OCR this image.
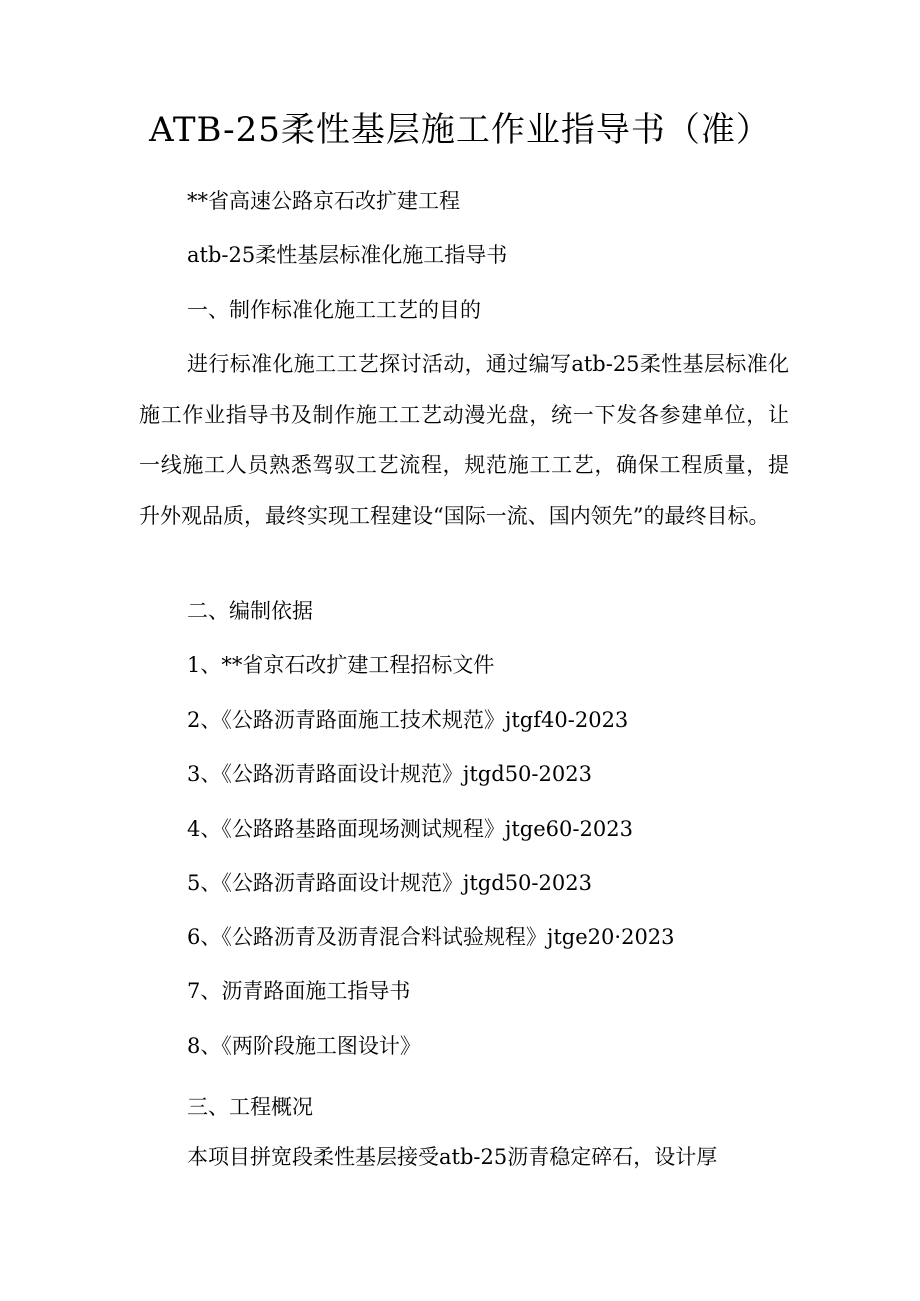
ATB-25柔性基层施工作业指导书（准）
**省高速公路京石改扩建工程
atb-25柔性基层标准化施工指导书
一、制作标准化施工工艺的目的
进行标准化施工工艺探讨活动，通过编写atb-25柔性基层标准化施工作业指导书及制作施工工艺动漫光盘，统一下发各参建单位，让一线施工人员熟悉驾驭工艺流程，规范施工工艺，确保工程质量，提升外观品质，最终实现工程建设“国际一流、国内领先”的最终目标。
二、编制依据
1、**省京石改扩建工程招标文件
2、《公路沥青路面施工技术规范》jtgf40-2023
3、《公路沥青路面设计规范》jtgd50-2023
4、《公路路基路面现场测试规程》jtge60-2023
5、《公路沥青路面设计规范》jtgd50-2023
6、《公路沥青及沥青混合料试验规程》jtge20·2023
7、沥青路面施工指导书
8、《两阶段施工图设计》
三、工程概况
本项目拼宽段柔性基层接受atb-25沥青稳定碎石，设计厚
